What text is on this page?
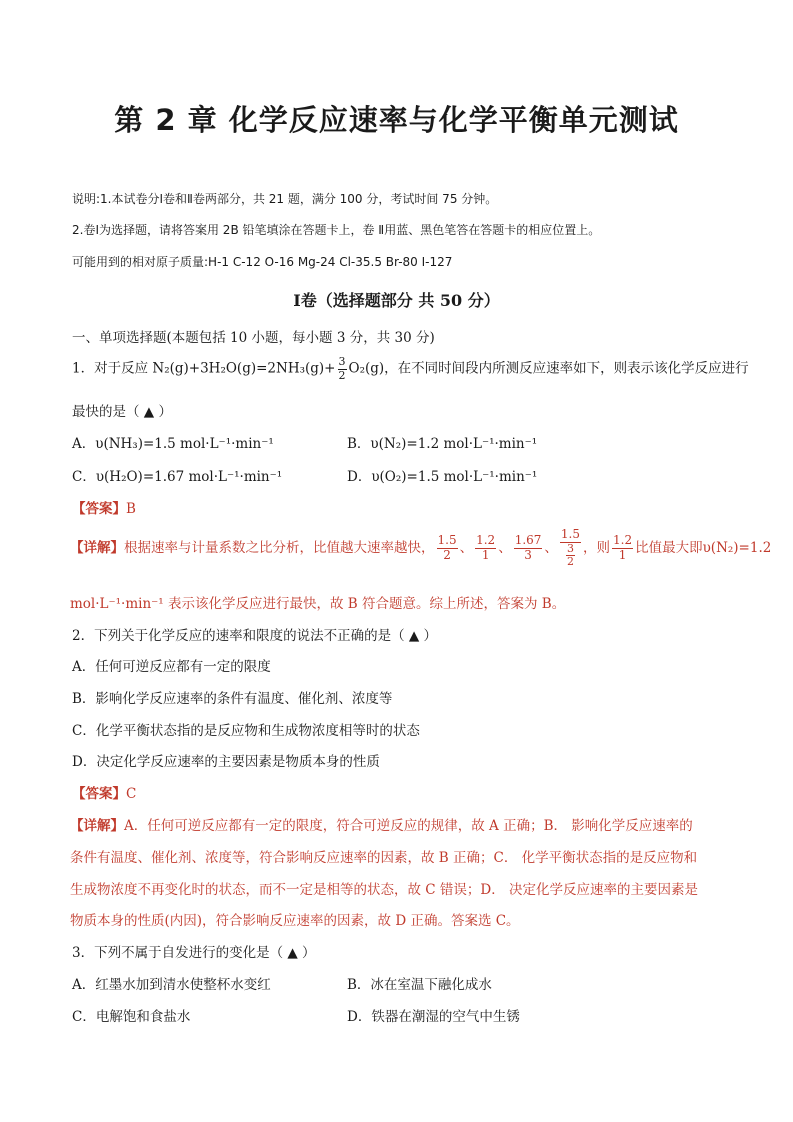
第 2 章 化学反应速率与化学平衡单元测试
说明:1.本试卷分Ⅰ卷和Ⅱ卷两部分，共 21 题，满分 100 分，考试时间 75 分钟。
2.卷Ⅰ为选择题，请将答案用 2B 铅笔填涂在答题卡上，卷 Ⅱ用蓝、黑色笔答在答题卡的相应位置上。
可能用到的相对原子质量:H-1 C-12 O-16 Mg-24 Cl-35.5 Br-80 I-127
Ⅰ卷（选择题部分 共 50 分）
一、单项选择题(本题包括 10 小题，每小题 3 分，共 30 分)
1．对于反应 $N_2(g)+3H_2O(g)=2NH_3(g)+ \frac{3}{2} O_2(g)$，在不同时间段内所测反应速率如下，则表示该化学反应进行
最快的是（ ▲ ）
A．υ(NH₃)=1.5 mol·L⁻¹·min⁻¹	B．υ(N₂)=1.2 mol·L⁻¹·min⁻¹
C．υ(H₂O)=1.67 mol·L⁻¹·min⁻¹	D．υ(O₂)=1.5 mol·L⁻¹·min⁻¹
【答案】B
【详解】根据速率与计量系数之比分析，比值越大速率越快， $\frac{1.5}{2}$ 、 $\frac{1.2}{1}$ 、 $\frac{1.67}{3}$ 、 $\frac{1.5}{\frac{3}{2}}$ ，则 $\frac{1.2}{1}$ 比值最大即υ(N₂)=1.2
mol·L⁻¹·min⁻¹ 表示该化学反应进行最快，故 B 符合题意。综上所述，答案为 B。
2．下列关于化学反应的速率和限度的说法不正确的是（ ▲ ）
A．任何可逆反应都有一定的限度
B．影响化学反应速率的条件有温度、催化剂、浓度等
C．化学平衡状态指的是反应物和生成物浓度相等时的状态
D．决定化学反应速率的主要因素是物质本身的性质
【答案】C
【详解】A．任何可逆反应都有一定的限度，符合可逆反应的规律，故 A 正确；B． 影响化学反应速率的
条件有温度、催化剂、浓度等，符合影响反应速率的因素，故 B 正确；C． 化学平衡状态指的是反应物和
生成物浓度不再变化时的状态，而不一定是相等的状态，故 C 错误；D． 决定化学反应速率的主要因素是
物质本身的性质(内因)，符合影响反应速率的因素，故 D 正确。答案选 C。
3．下列不属于自发进行的变化是（ ▲ ）
A．红墨水加到清水使整杯水变红	B．冰在室温下融化成水
C．电解饱和食盐水	D．铁器在潮湿的空气中生锈
